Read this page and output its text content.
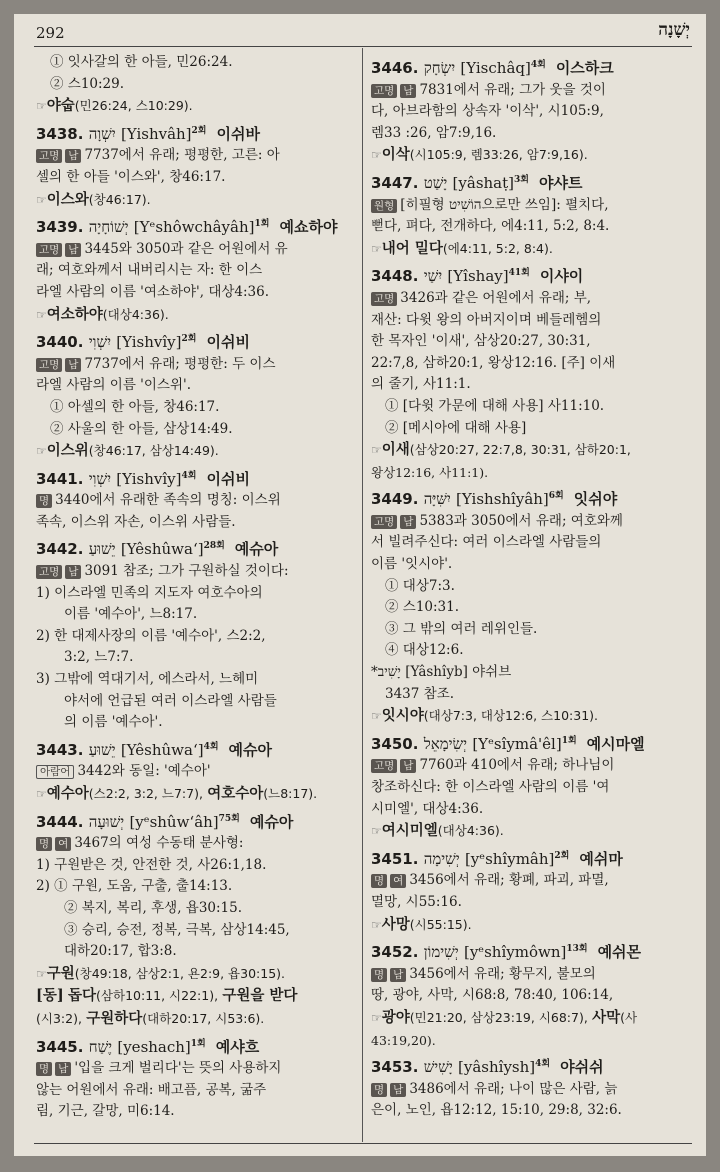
292	יְשָׁנָה
① 잇사갈의 한 아들, 민26:24.
② 스10:29.
☞야숩(민26:24, 스10:29).
3438. יִשְׁוָה [Yishvâh]$^{2회}$ 이쉬바
고명 남 7737에서 유래; 평평한, 고른: 아
셀의 한 아들 '이스와', 창46:17.
☞이스와(창46:17).
3439. יְשׁוֹחָיָה [Yᵉshôwchâyâh]$^{1회}$ 예쇼하야
고명 남 3445와 3050과 같은 어원에서 유
래; 여호와께서 내버리시는 자: 한 이스
라엘 사람의 이름 '여소하야', 대상4:36.
☞여소하야(대상4:36).
3440. יִשְׁוִי [Yishvîy]$^{2회}$ 이쉬비
고명 남 7737에서 유래; 평평한: 두 이스
라엘 사람의 이름 '이스위'.
① 아셀의 한 아들, 창46:17.
② 사울의 한 아들, 삼상14:49.
☞이스위(창46:17, 삼상14:49).
3441. יִשְׁוִי [Yishvîy]$^{4회}$ 이쉬비
명 3440에서 유래한 족속의 명칭: 이스위
족속, 이스위 자손, 이스위 사람들.
3442. יֵשׁוּעַ [Yêshûwaʻ]$^{28회}$ 예슈아
고명 남 3091 참조; 그가 구원하실 것이다:
1) 이스라엘 민족의 지도자 여호수아의
이름 '예수아', 느8:17.
2) 한 대제사장의 이름 '예수아', 스2:2,
3:2, 느7:7.
3) 그밖에 역대기서, 에스라서, 느헤미
야서에 언급된 여러 이스라엘 사람들
의 이름 '예수아'.
3443. יֵשׁוּעַ [Yêshûwaʻ]$^{4회}$ 예슈아
아람어 3442와 동일: '예수아'
☞예수아(스2:2, 3:2, 느7:7), 여호수아(느8:17).
3444. יְשׁוּעָה [yᵉshûwʻâh]$^{75회}$ 예슈아
명 여 3467의 여성 수동태 분사형:
1) 구원받은 것, 안전한 것, 사26:1,18.
2) ① 구원, 도움, 구출, 출14:13.
② 복지, 복리, 후생, 욥30:15.
③ 승리, 승전, 정복, 극복, 삼상14:45,
대하20:17, 합3:8.
☞구원(창49:18, 삼상2:1, 욘2:9, 욥30:15).
[동] 돕다(삼하10:11, 시22:1), 구원을 받다
(시3:2), 구원하다(대하20:17, 시53:6).
3445. יֶשַׁח [yeshach]$^{1회}$ 예샤흐
명 남 '입을 크게 벌리다'는 뜻의 사용하지
않는 어원에서 유래: 배고픔, 공복, 굶주
림, 기근, 갈망, 미6:14.
3446. יִשְׂחָק [Yischâq]$^{4회}$ 이스하크
고명 남 7831에서 유래; 그가 웃을 것이
다, 아브라함의 상속자 '이삭', 시105:9,
렘33 :26, 암7:9,16.
☞이삭(시105:9, 렘33:26, 암7:9,16).
3447. יָשַׁט [yâshaṭ]$^{3회}$ 야샤트
원형 [히필형 הוֹשִׁיט으로만 쓰임]: 펼치다,
뻗다, 펴다, 전개하다, 에4:11, 5:2, 8:4.
☞내어 밀다(에4:11, 5:2, 8:4).
3448. יִשַׁי [Yîshay]$^{41회}$ 이샤이
고명 3426과 같은 어원에서 유래; 부,
재산: 다윗 왕의 아버지이며 베들레헴의
한 목자인 '이새', 삼상20:27, 30:31,
22:7,8, 삼하20:1, 왕상12:16. [주] 이새
의 줄기, 사11:1.
① [다윗 가문에 대해 사용] 사11:10.
② [메시아에 대해 사용]
☞이새(삼상20:27, 22:7,8, 30:31, 삼하20:1,
왕상12:16, 사11:1).
3449. יִשִּׁיָּה [Yishshîyâh]$^{6회}$ 잇쉬야
고명 남 5383과 3050에서 유래; 여호와께
서 빌려주신다: 여러 이스라엘 사람들의
이름 '잇시야'.
① 대상7:3.
② 스10:31.
③ 그 밖의 여러 레위인들.
④ 대상12:6.
*יָשִׁיב [Yâshîyb] 야쉬브
3437 참조.
☞잇시야(대상7:3, 대상12:6, 스10:31).
3450. יְשִׂימָאֵל [Yᵉsîymâ'êl]$^{1회}$ 예시마엘
고명 남 7760과 410에서 유래; 하나님이
창조하신다: 한 이스라엘 사람의 이름 '여
시미엘', 대상4:36.
☞여시미엘(대상4:36).
3451. יְשִׁימָה [yᵉshîymâh]$^{2회}$ 예쉬마
명 여 3456에서 유래; 황폐, 파괴, 파멸,
멸망, 시55:16.
☞사망(시55:15).
3452. יְשִׁימוֹן [yᵉshîymôwn]$^{13회}$ 예쉬몬
명 남 3456에서 유래; 황무지, 불모의
땅, 광야, 사막, 시68:8, 78:40, 106:14,
☞광야(민21:20, 삼상23:19, 시68:7), 사막(사
43:19,20).
3453. יָשִׁישׁ [yâshîysh]$^{4회}$ 야쉬쉬
명 남 3486에서 유래; 나이 많은 사람, 늙
은이, 노인, 욥12:12, 15:10, 29:8, 32:6.
